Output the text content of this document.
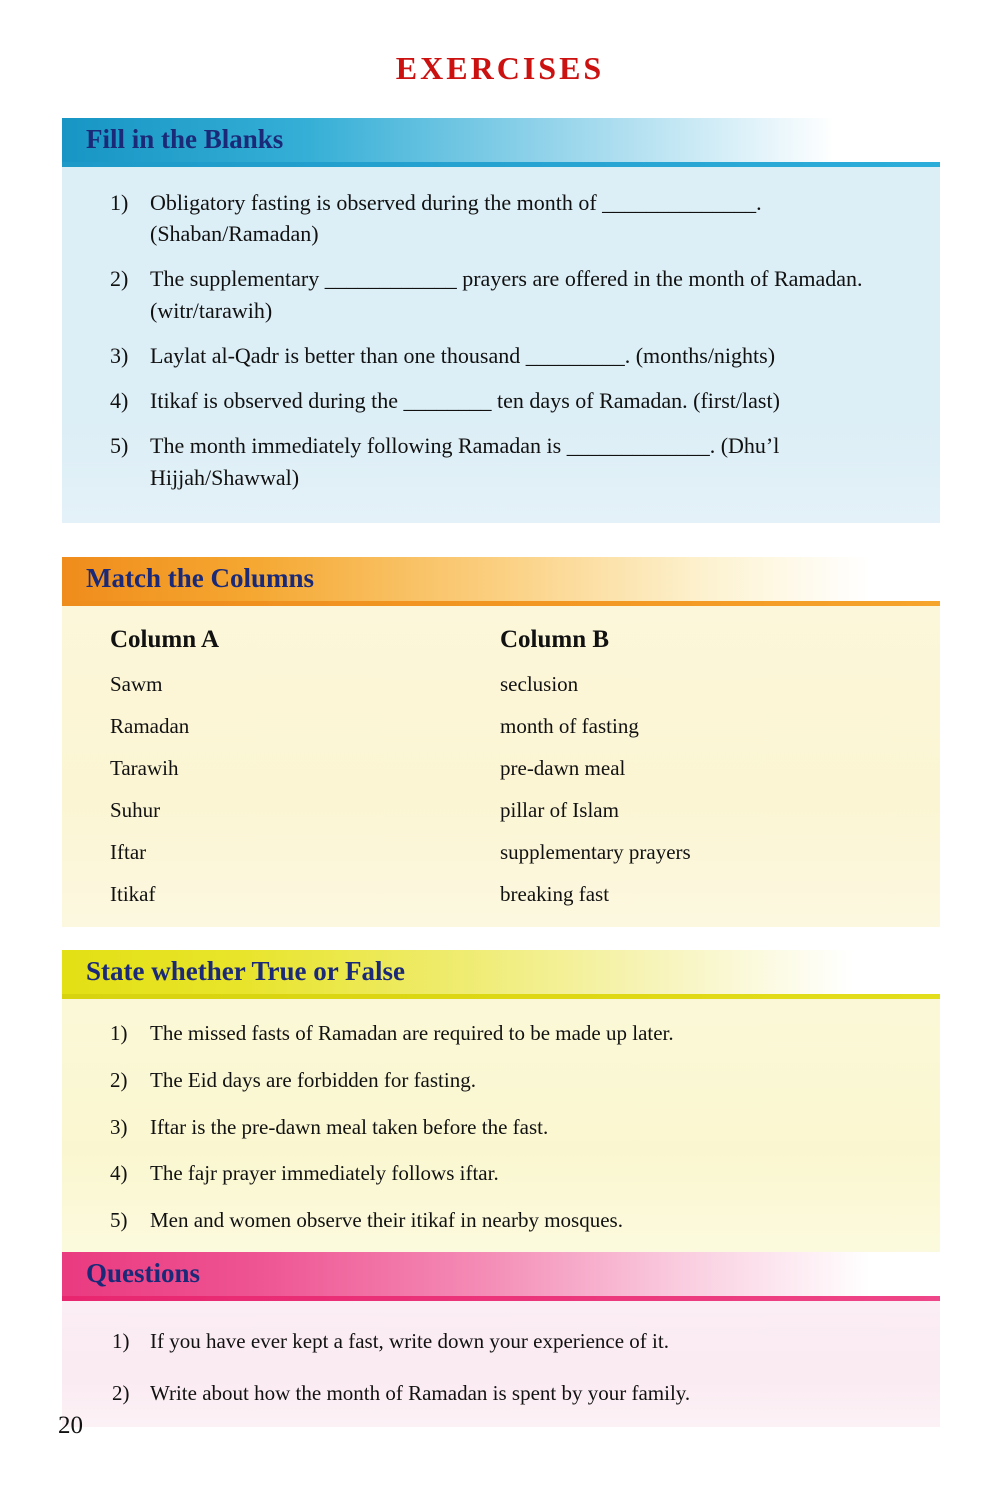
EXERCISES
Fill in the Blanks
1) Obligatory fasting is observed during the month of ______________. (Shaban/Ramadan)
2) The supplementary ____________ prayers are offered in the month of Ramadan. (witr/tarawih)
3) Laylat al-Qadr is better than one thousand _________. (months/nights)
4) Itikaf is observed during the ________ ten days of Ramadan. (first/last)
5) The month immediately following Ramadan is _____________. (Dhu’l Hijjah/Shawwal)
Match the Columns
Column A	Column B
Sawm	seclusion
Ramadan	month of fasting
Tarawih	pre-dawn meal
Suhur	pillar of Islam
Iftar	supplementary prayers
Itikaf	breaking fast
State whether True or False
1)	The missed fasts of Ramadan are required to be made up later.
2)	The Eid days are forbidden for fasting.
3)	Iftar is the pre-dawn meal taken before the fast.
4)	The fajr prayer immediately follows iftar.
5)	Men and women observe their itikaf in nearby mosques.
Questions
1) If you have ever kept a fast, write down your experience of it.
2) Write about how the month of Ramadan is spent by your family.
20
